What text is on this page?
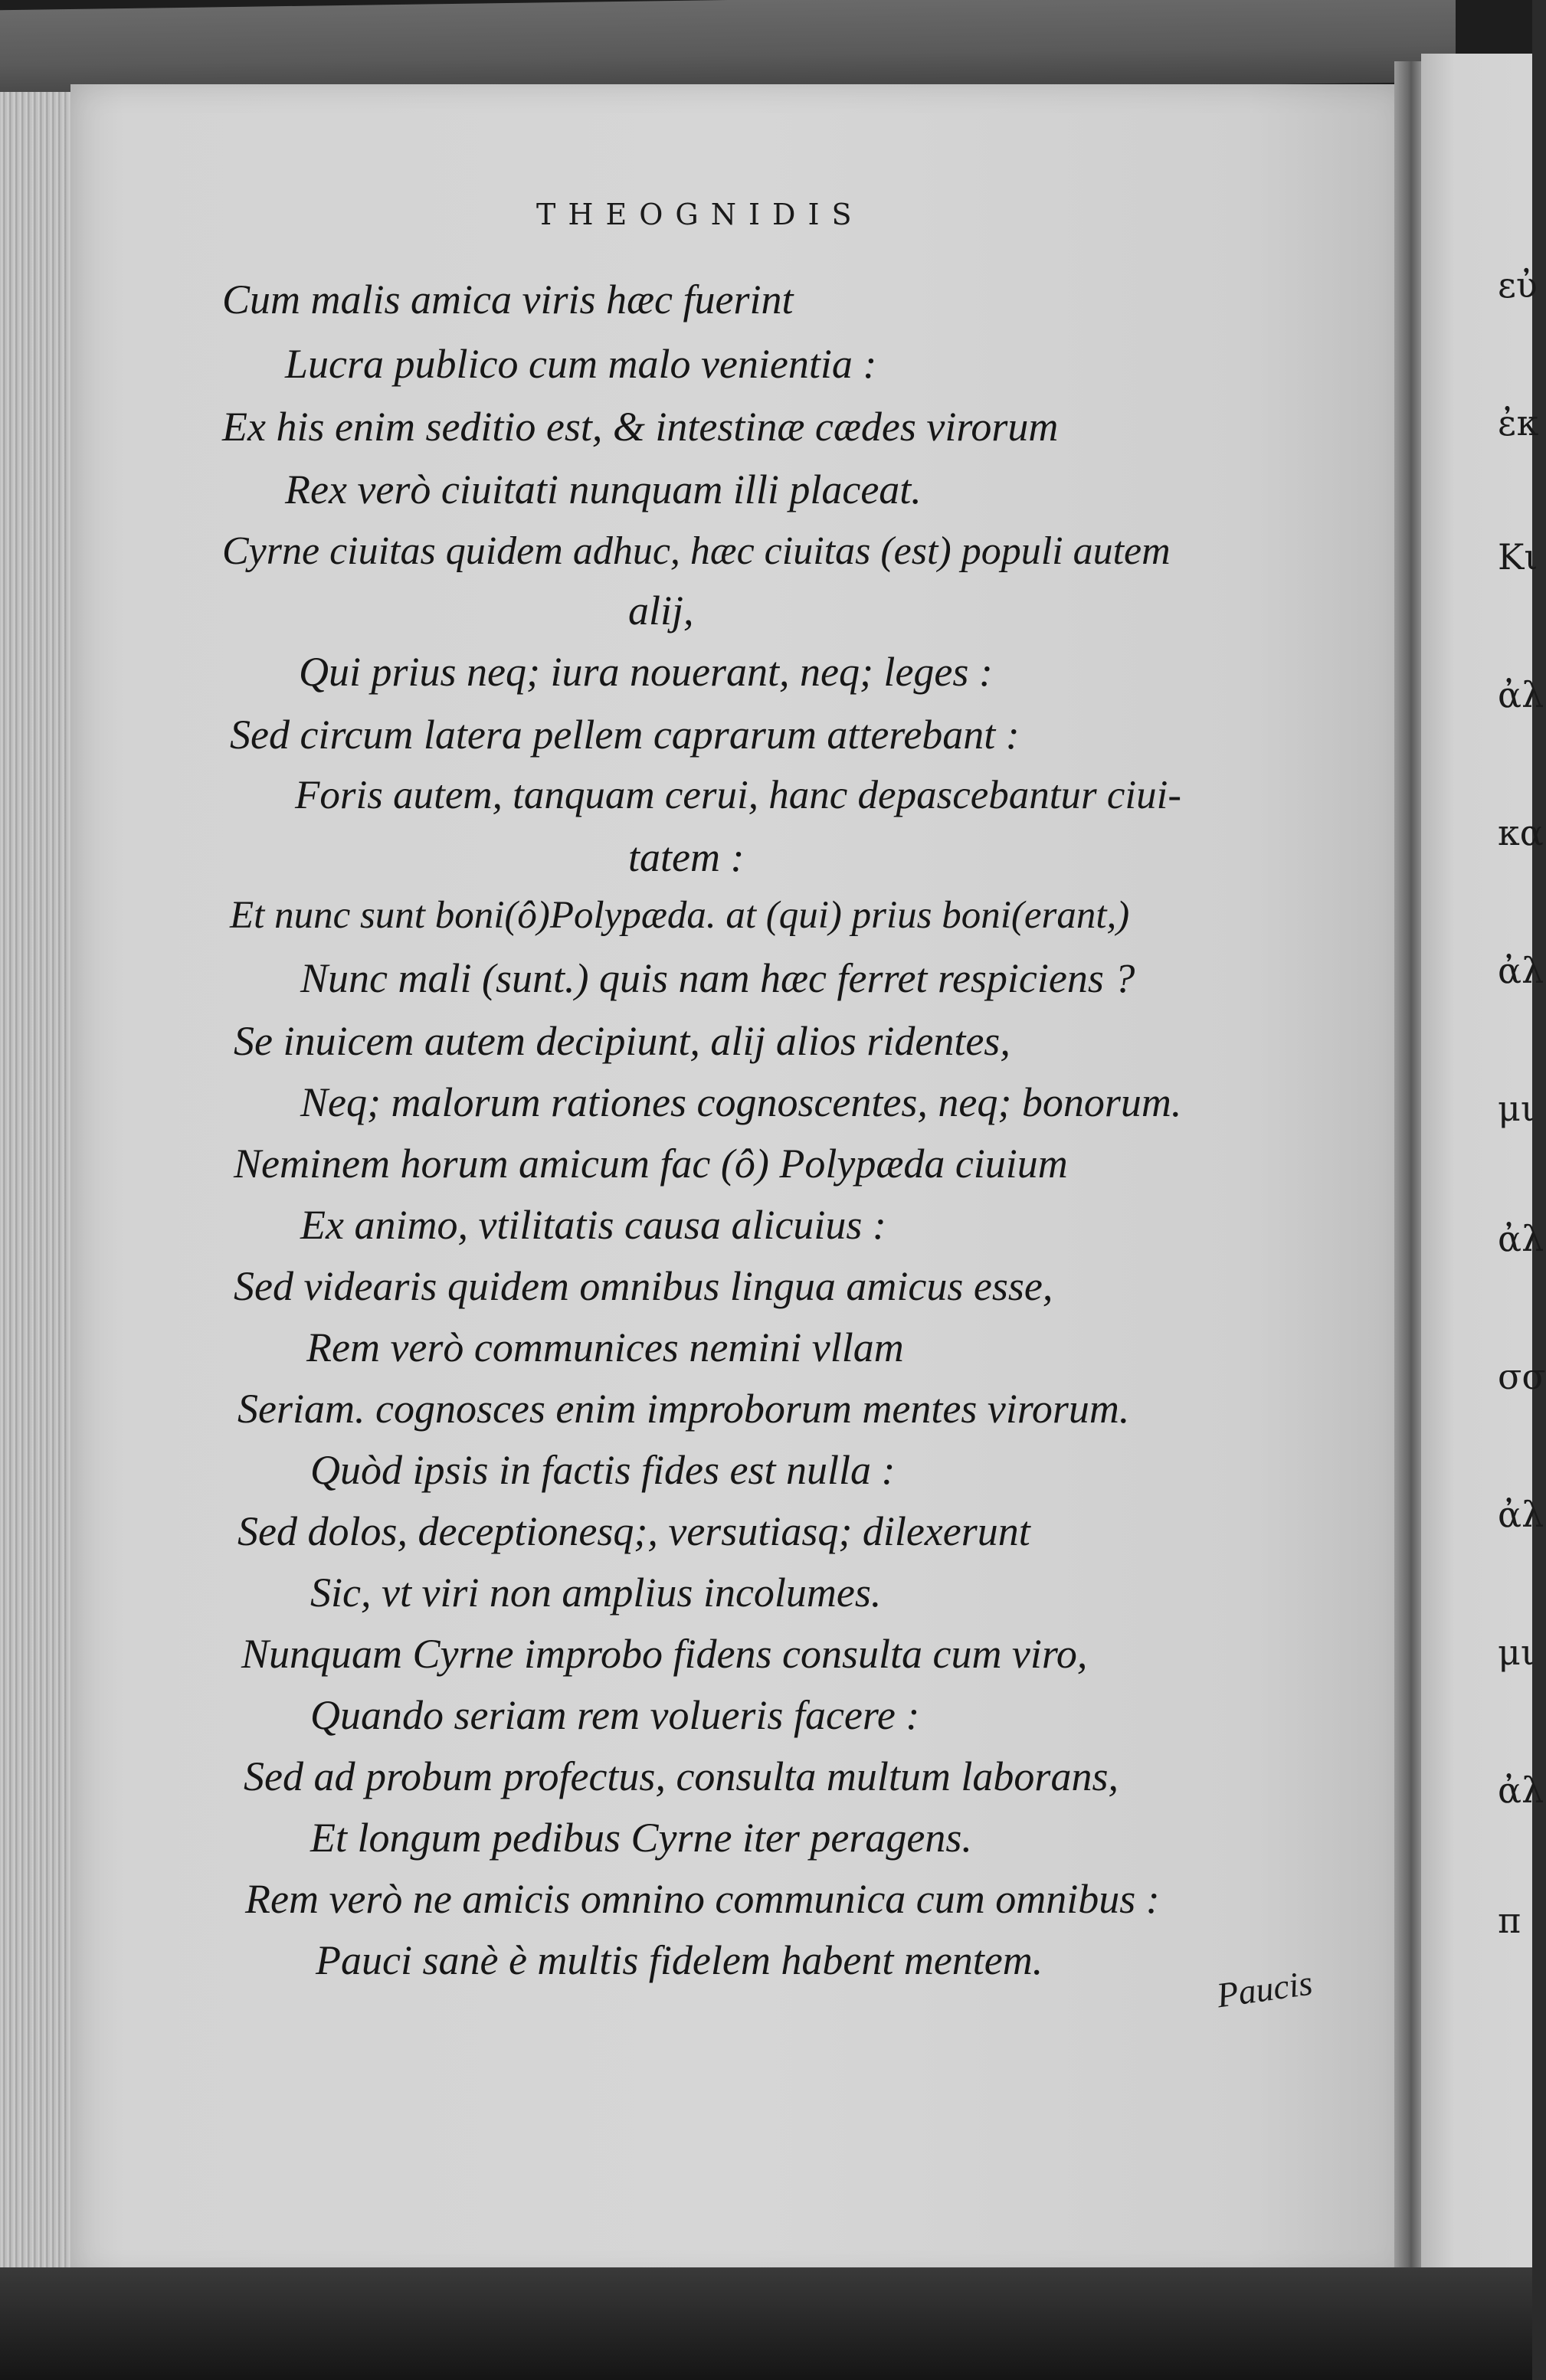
THEOGNIDIS
Cum malis amica viris hæc fuerint
Lucra publico cum malo venientia :
Ex his enim seditio est, & intestinæ cædes virorum
Rex verò ciuitati nunquam illi placeat.
Cyrne ciuitas quidem adhuc, hæc ciuitas (est) populi autem
alij,
Qui prius neq; iura nouerant, neq; leges :
Sed circum latera pellem caprarum atterebant :
Foris autem, tanquam cerui, hanc depascebantur ciui-
tatem :
Et nunc sunt boni(ô)Polypæda. at (qui) prius boni(erant,)
Nunc mali (sunt.) quis nam hæc ferret respiciens ?
Se inuicem autem decipiunt, alij alios ridentes,
Neq; malorum rationes cognoscentes, neq; bonorum.
Neminem horum amicum fac (ô) Polypæda ciuium
Ex animo, vtilitatis causa alicuius :
Sed videaris quidem omnibus lingua amicus esse,
Rem verò communices nemini vllam
Seriam. cognosces enim improborum mentes virorum.
Quòd ipsis in factis fides est nulla :
Sed dolos, deceptionesq;, versutiasq; dilexerunt
Sic, vt viri non amplius incolumes.
Nunquam Cyrne improbo fidens consulta cum viro,
Quando seriam rem volueris facere :
Sed ad probum profectus, consulta multum laborans,
Et longum pedibus Cyrne iter peragens.
Rem verò ne amicis omnino communica cum omnibus :
Pauci sanè è multis fidelem habent mentem.
Paucis
εὐ
ἐκ
Κι
ἀλ
κα
ἀλ
μι
ἀλ
σσ
ἀλ
μι
ἀλ
π
